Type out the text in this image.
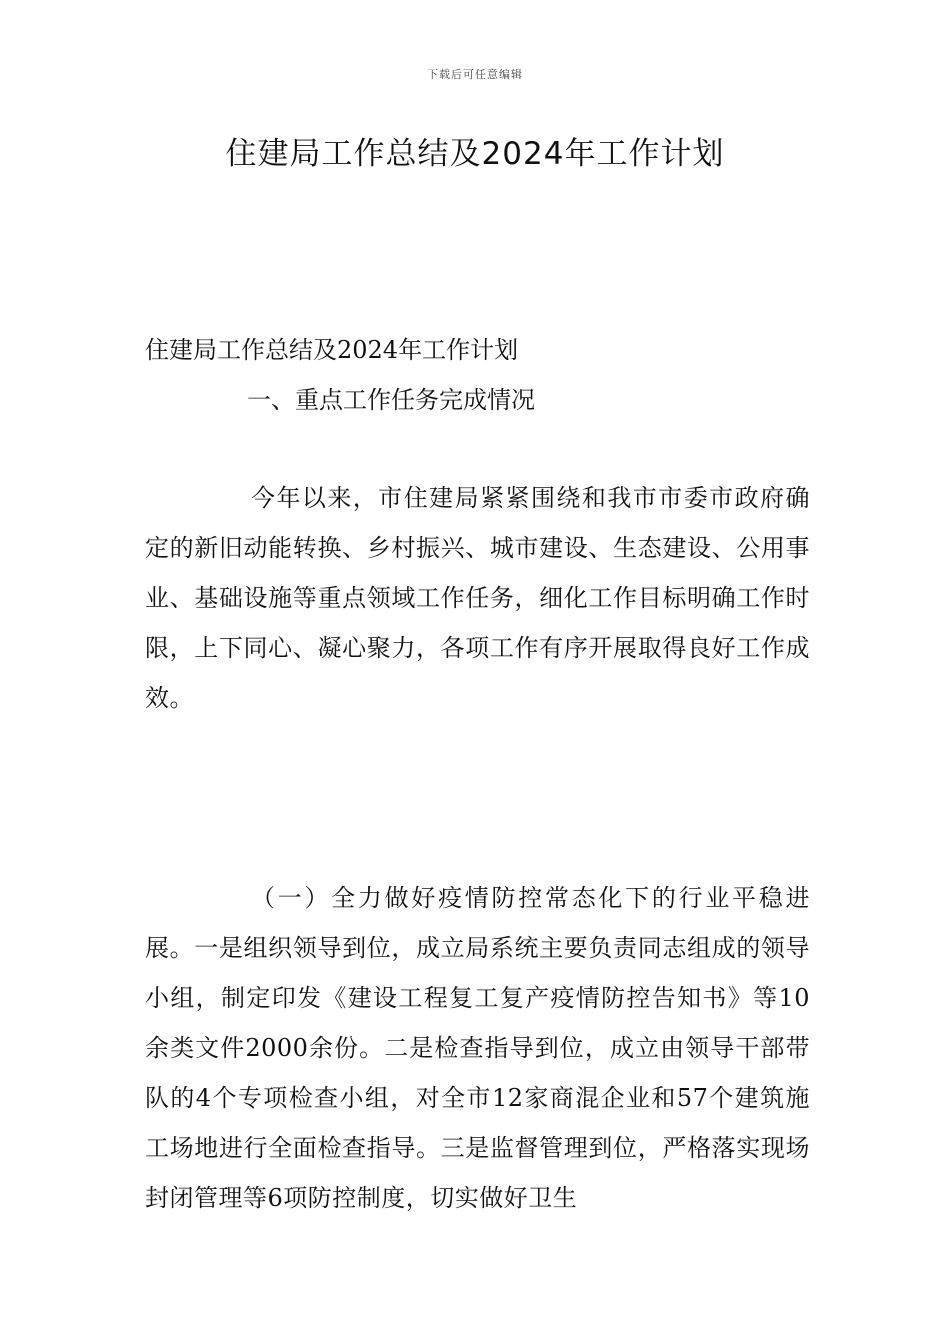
下载后可任意编辑
住建局工作总结及2024年工作计划
住建局工作总结及2024年工作计划
一、重点工作任务完成情况
今年以来，市住建局紧紧围绕和我市市委市政府确定的新旧动能转换、乡村振兴、城市建设、生态建设、公用事业、基础设施等重点领域工作任务，细化工作目标明确工作时限，上下同心、凝心聚力，各项工作有序开展取得良好工作成效。
（一）全力做好疫情防控常态化下的行业平稳进展。一是组织领导到位，成立局系统主要负责同志组成的领导小组，制定印发《建设工程复工复产疫情防控告知书》等10余类文件2000余份。二是检查指导到位，成立由领导干部带队的4个专项检查小组，对全市12家商混企业和57个建筑施工场地进行全面检查指导。三是监督管理到位，严格落实现场封闭管理等6项防控制度，切实做好卫生
